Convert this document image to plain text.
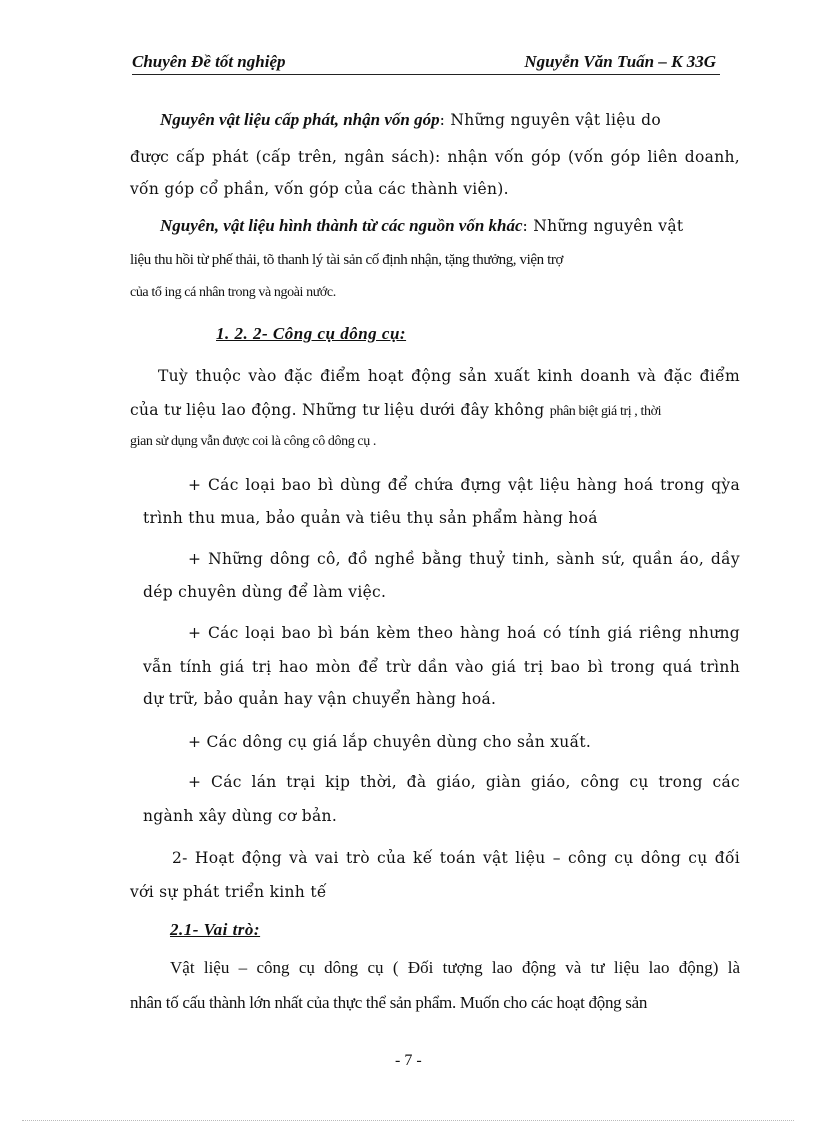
Chuyên Đề tốt nghiệp	Nguyễn Văn Tuấn – K 33G
Nguyên vật liệu cấp phát, nhận vốn góp: Những nguyên vật liệu do
được cấp phát (cấp trên, ngân sách): nhận vốn góp (vốn góp liên doanh,
vốn góp cổ phần, vốn góp của các thành viên).
Nguyên, vật liệu hình thành từ các nguồn vốn khác: Những nguyên vật
liệu thu hồi từ phế thải, tõ thanh lý tài sản cố định nhận, tặng thưởng, viện trợ
của tổ ing cá nhân trong và ngoài nước.
1. 2. 2- Công cụ dông cụ:
Tuỳ thuộc vào đặc điểm hoạt động sản xuất kinh doanh và đặc điểm
của tư liệu lao động. Những tư liệu dưới đây không phân biệt giá trị , thời
gian sử dụng vẫn được coi là công cô dông cụ .
+ Các loại bao bì dùng để chứa đựng vật liệu hàng hoá trong qỳa
trình thu mua, bảo quản và tiêu thụ sản phẩm hàng hoá
+ Những dông cô, đồ nghề bằng thuỷ tinh, sành sứ, quần áo, dầy
dép chuyên dùng để làm việc.
+ Các loại bao bì bán kèm theo hàng hoá có tính giá riêng nhưng
vẫn tính giá trị hao mòn để trừ dần vào giá trị bao bì trong quá trình
dự trữ, bảo quản hay vận chuyển hàng hoá.
+ Các dông cụ giá lắp chuyên dùng cho sản xuất.
+ Các lán trại kịp thời, đà giáo, giàn giáo, công cụ trong các
ngành xây dùng cơ bản.
2- Hoạt động và vai trò của kế toán vật liệu – công cụ dông cụ đối
với sự phát triển kinh tế
2.1- Vai trò:
Vật liệu – công cụ dông cụ ( Đối tượng lao động và tư liệu lao động) là
nhân tố cấu thành lớn nhất của thực thể sản phẩm. Muốn cho các hoạt động sản
- 7 -
